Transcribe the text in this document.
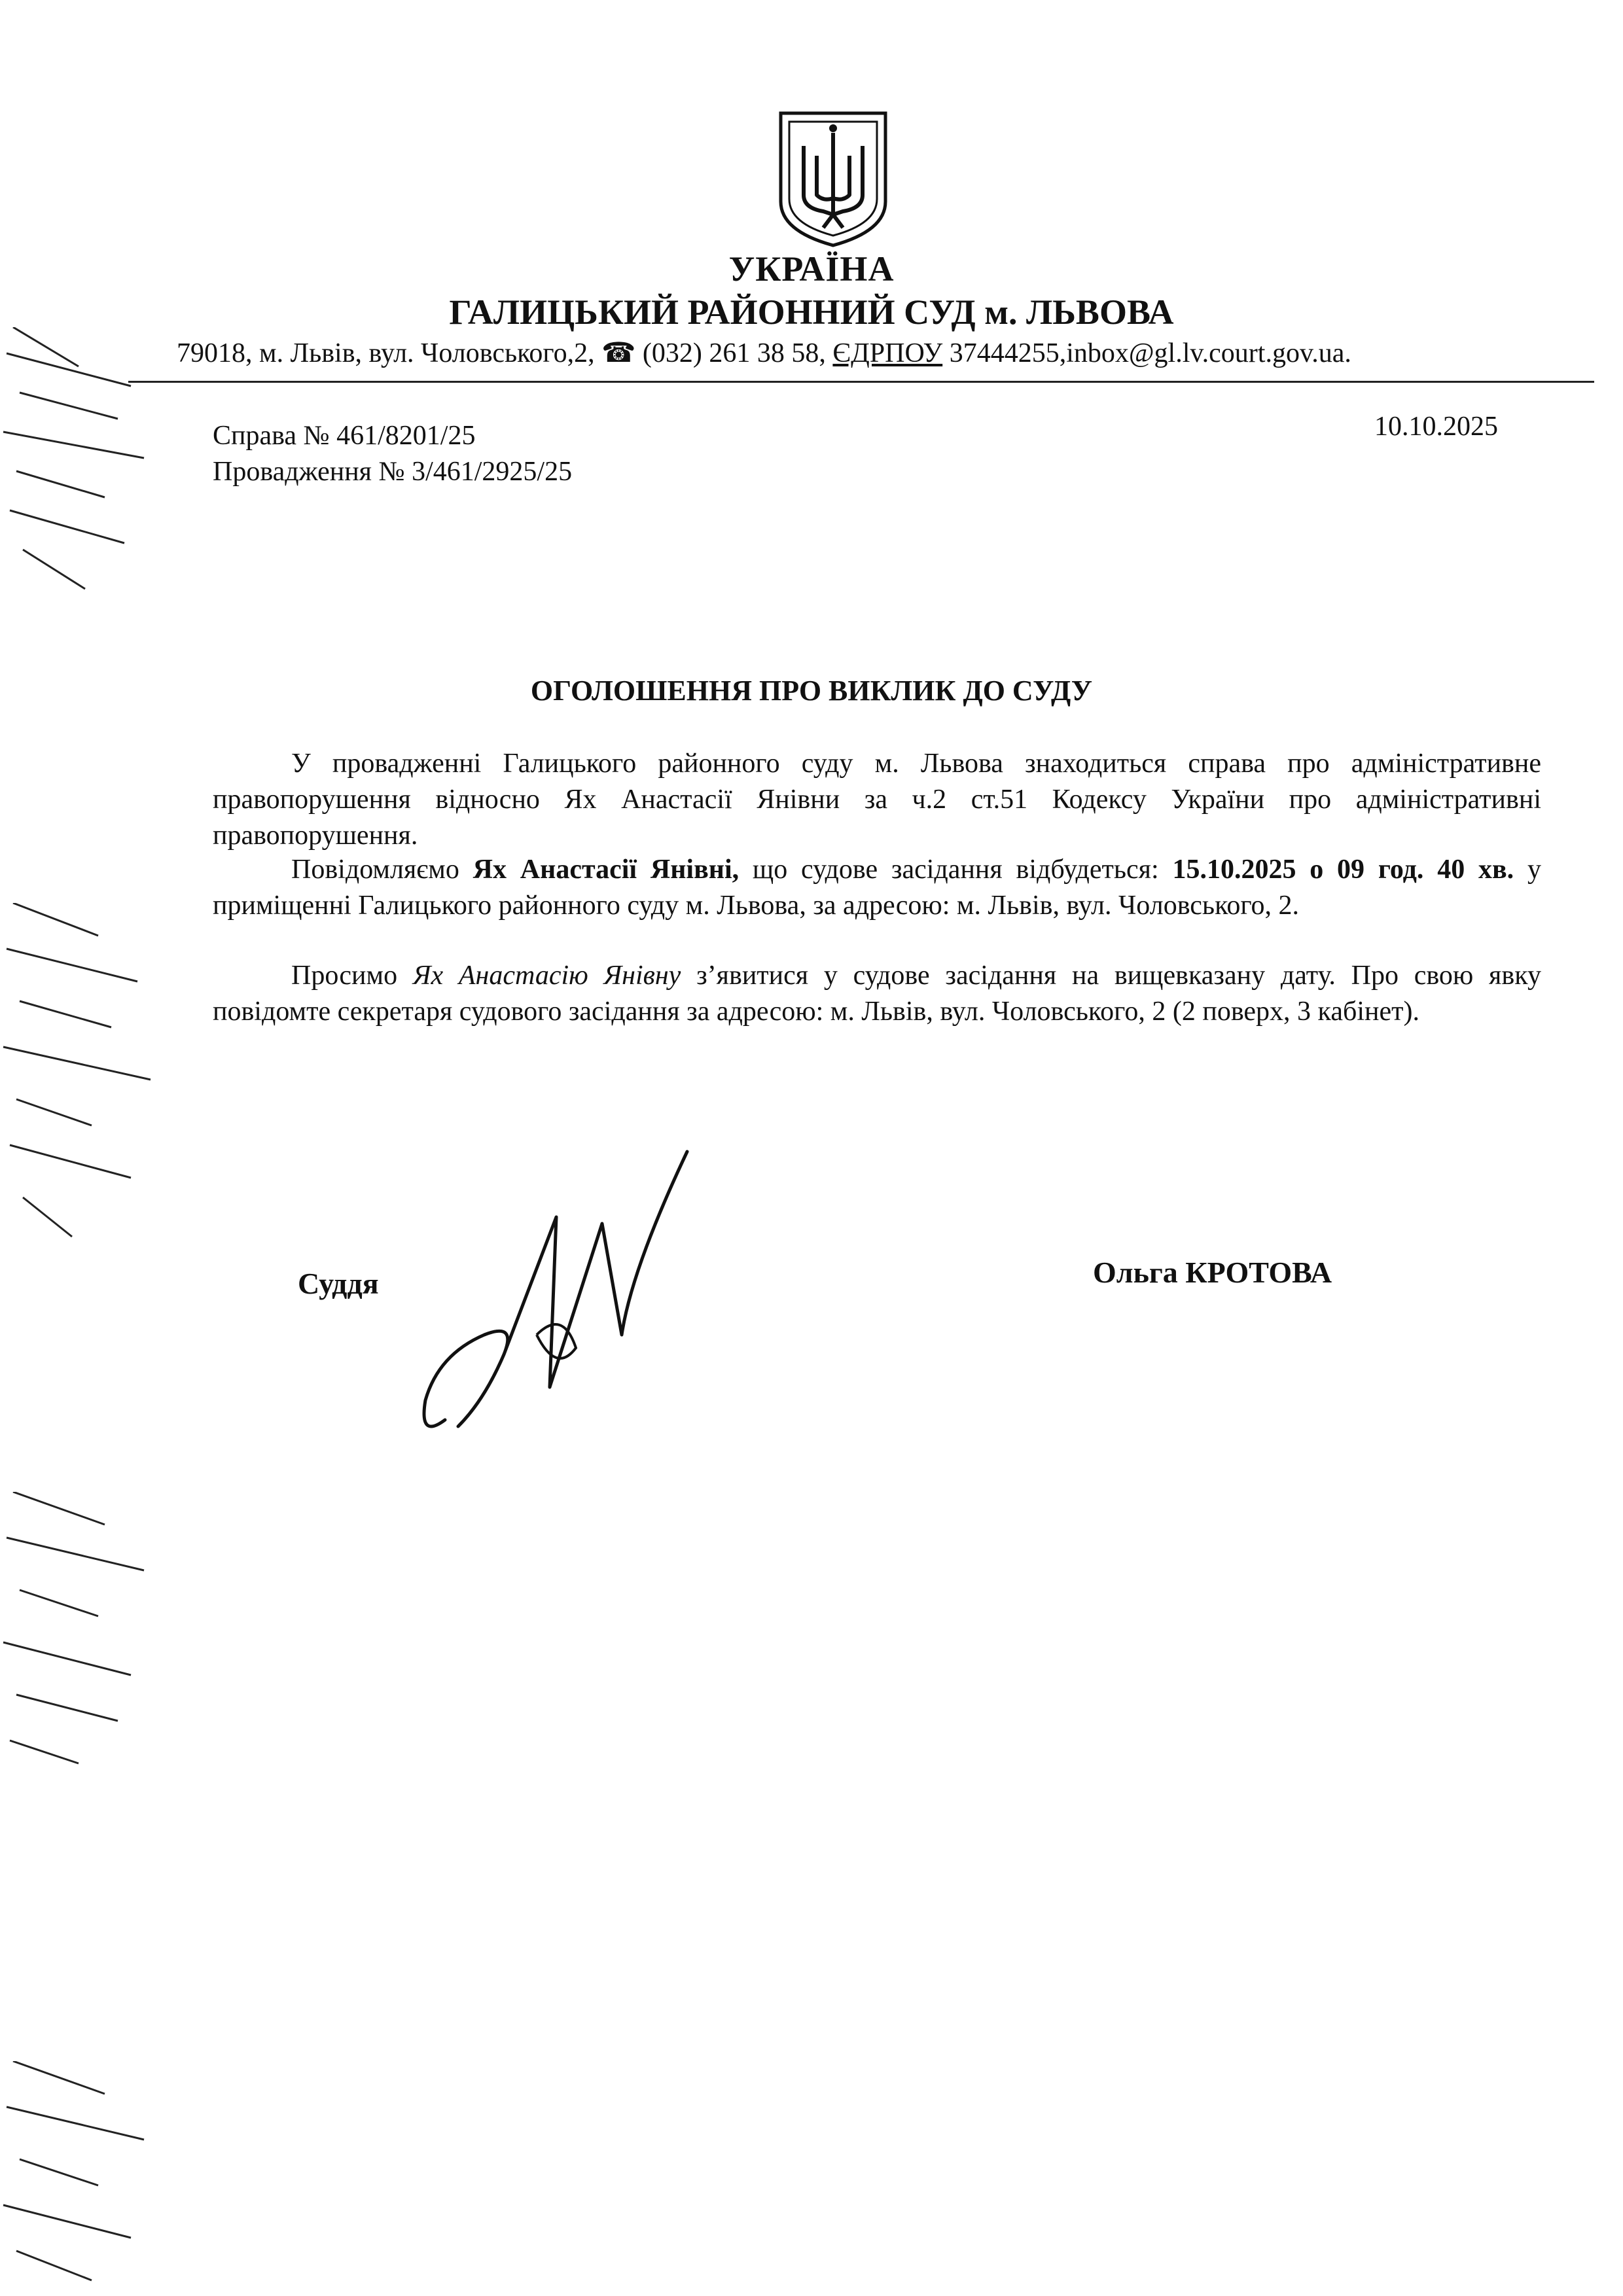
УКРАЇНА
ГАЛИЦЬКИЙ РАЙОННИЙ СУД м. ЛЬВОВА
79018, м. Львів, вул. Чоловського,2, ☎ (032) 261 38 58, ЄДРПОУ 37444255,inbox@gl.lv.court.gov.ua.
Справа № 461/8201/25
Провадження № 3/461/2925/25
10.10.2025
ОГОЛОШЕННЯ ПРО ВИКЛИК ДО СУДУ
У провадженні Галицького районного суду м. Львова знаходиться справа про адміністративне правопорушення відносно Ях Анастасії Янівни за ч.2 ст.51 Кодексу України про адміністративні правопорушення.
Повідомляємо Ях Анастасії Янівні, що судове засідання відбудеться: 15.10.2025 о 09 год. 40 хв. у приміщенні Галицького районного суду м. Львова, за адресою: м. Львів, вул. Чоловського, 2.
Просимо Ях Анастасію Янівну з’явитися у судове засідання на вищевказану дату. Про свою явку повідомте секретаря судового засідання за адресою: м. Львів, вул. Чоловського, 2 (2 поверх, 3 кабінет).
Суддя	Ольга КРОТОВА
